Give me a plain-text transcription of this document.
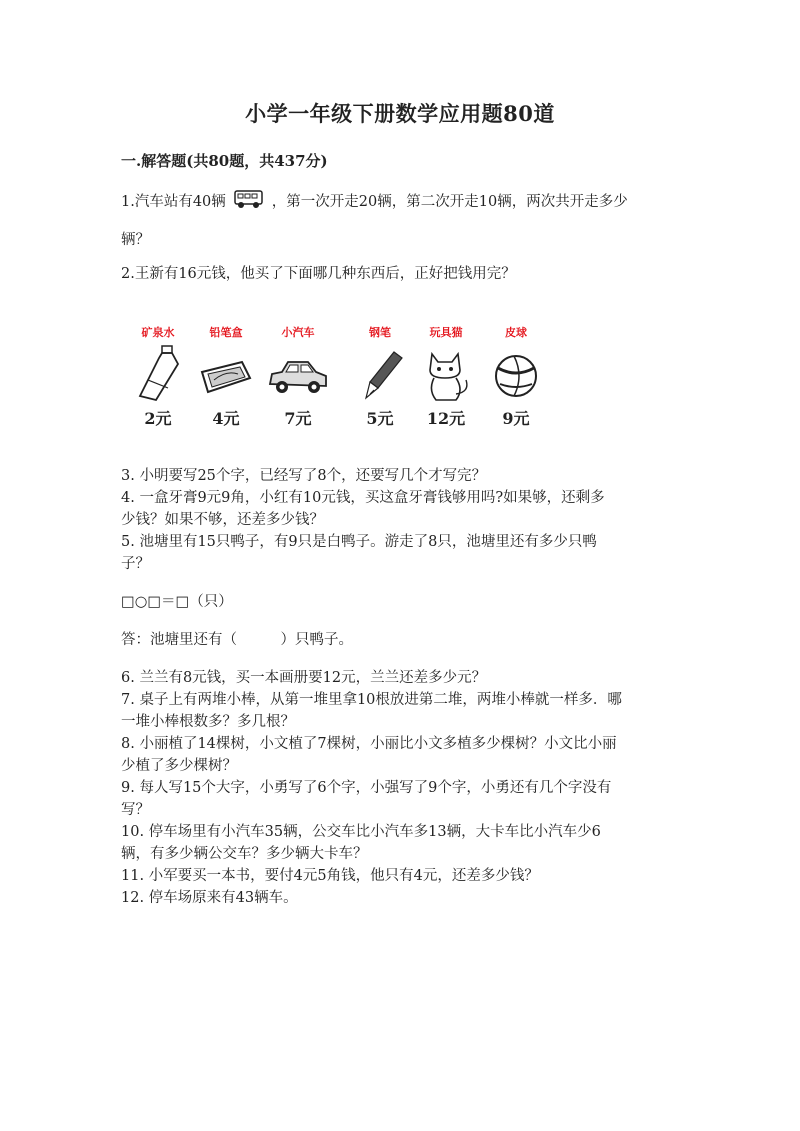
小学一年级下册数学应用题80道
一.解答题(共80题，共437分)
1.汽车站有40辆	，第一次开走20辆，第二次开走10辆，两次共开走多少
辆？
2.王新有16元钱，他买了下面哪几种东西后，正好把钱用完？
矿泉水
2元
铅笔盒
4元
小汽车
7元
钢笔
5元
玩具猫
12元
皮球
9元
3. 小明要写25个字，已经写了8个，还要写几个才写完？
4. 一盒牙膏9元9角，小红有10元钱，买这盒牙膏钱够用吗?如果够，还剩多
少钱？如果不够，还差多少钱？
5. 池塘里有15只鸭子，有9只是白鸭子。游走了8只，池塘里还有多少只鸭
子？
□○□＝□（只）
答：池塘里还有（　　　）只鸭子。
6. 兰兰有8元钱，买一本画册要12元，兰兰还差多少元？
7. 桌子上有两堆小棒，从第一堆里拿10根放进第二堆，两堆小棒就一样多．哪
一堆小棒根数多？多几根？
8. 小丽植了14棵树，小文植了7棵树，小丽比小文多植多少棵树？小文比小丽
少植了多少棵树？
9. 每人写15个大字，小勇写了6个字，小强写了9个字，小勇还有几个字没有
写？
10. 停车场里有小汽车35辆，公交车比小汽车多13辆，大卡车比小汽车少6
辆，有多少辆公交车？多少辆大卡车？
11. 小军要买一本书，要付4元5角钱，他只有4元，还差多少钱？
12. 停车场原来有43辆车。
